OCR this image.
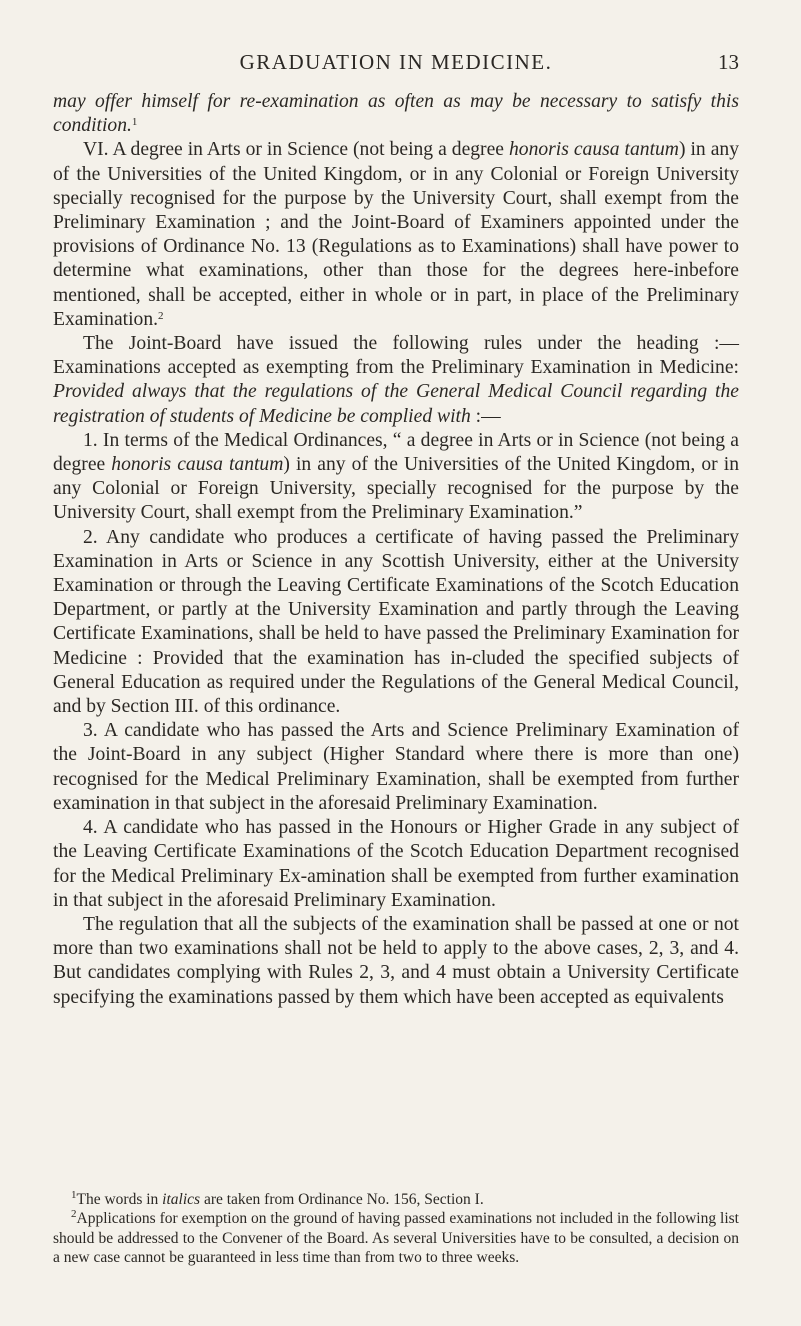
GRADUATION IN MEDICINE.	13

may offer himself for re-examination as often as may be necessary to satisfy this condition.$^1$

VI. A degree in Arts or in Science (not being a degree honoris causa tantum) in any of the Universities of the United Kingdom, or in any Colonial or Foreign University specially recognised for the purpose by the University Court, shall exempt from the Preliminary Examination ; and the Joint-Board of Examiners appointed under the provisions of Ordinance No. 13 (Regulations as to Examinations) shall have power to determine what examinations, other than those for the degrees here-inbefore mentioned, shall be accepted, either in whole or in part, in place of the Preliminary Examination.$^2$

The Joint-Board have issued the following rules under the heading :— Examinations accepted as exempting from the Preliminary Examination in Medicine: Provided always that the regulations of the General Medical Council regarding the registration of students of Medicine be complied with :—

1. In terms of the Medical Ordinances, “ a degree in Arts or in Science (not being a degree honoris causa tantum) in any of the Universities of the United Kingdom, or in any Colonial or Foreign University, specially recognised for the purpose by the University Court, shall exempt from the Preliminary Examination.”

2. Any candidate who produces a certificate of having passed the Preliminary Examination in Arts or Science in any Scottish University, either at the University Examination or through the Leaving Certificate Examinations of the Scotch Education Department, or partly at the University Examination and partly through the Leaving Certificate Examinations, shall be held to have passed the Preliminary Examination for Medicine : Provided that the examination has in-cluded the specified subjects of General Education as required under the Regulations of the General Medical Council, and by Section III. of this ordinance.

3. A candidate who has passed the Arts and Science Preliminary Examination of the Joint-Board in any subject (Higher Standard where there is more than one) recognised for the Medical Preliminary Examination, shall be exempted from further examination in that subject in the aforesaid Preliminary Examination.

4. A candidate who has passed in the Honours or Higher Grade in any subject of the Leaving Certificate Examinations of the Scotch Education Department recognised for the Medical Preliminary Ex-amination shall be exempted from further examination in that subject in the aforesaid Preliminary Examination.

The regulation that all the subjects of the examination shall be passed at one or not more than two examinations shall not be held to apply to the above cases, 2, 3, and 4. But candidates complying with Rules 2, 3, and 4 must obtain a University Certificate specifying the examinations passed by them which have been accepted as equivalents

$^1$The words in italics are taken from Ordinance No. 156, Section I.

$^2$Applications for exemption on the ground of having passed examinations not included in the following list should be addressed to the Convener of the Board. As several Universities have to be consulted, a decision on a new case cannot be guaranteed in less time than from two to three weeks.
